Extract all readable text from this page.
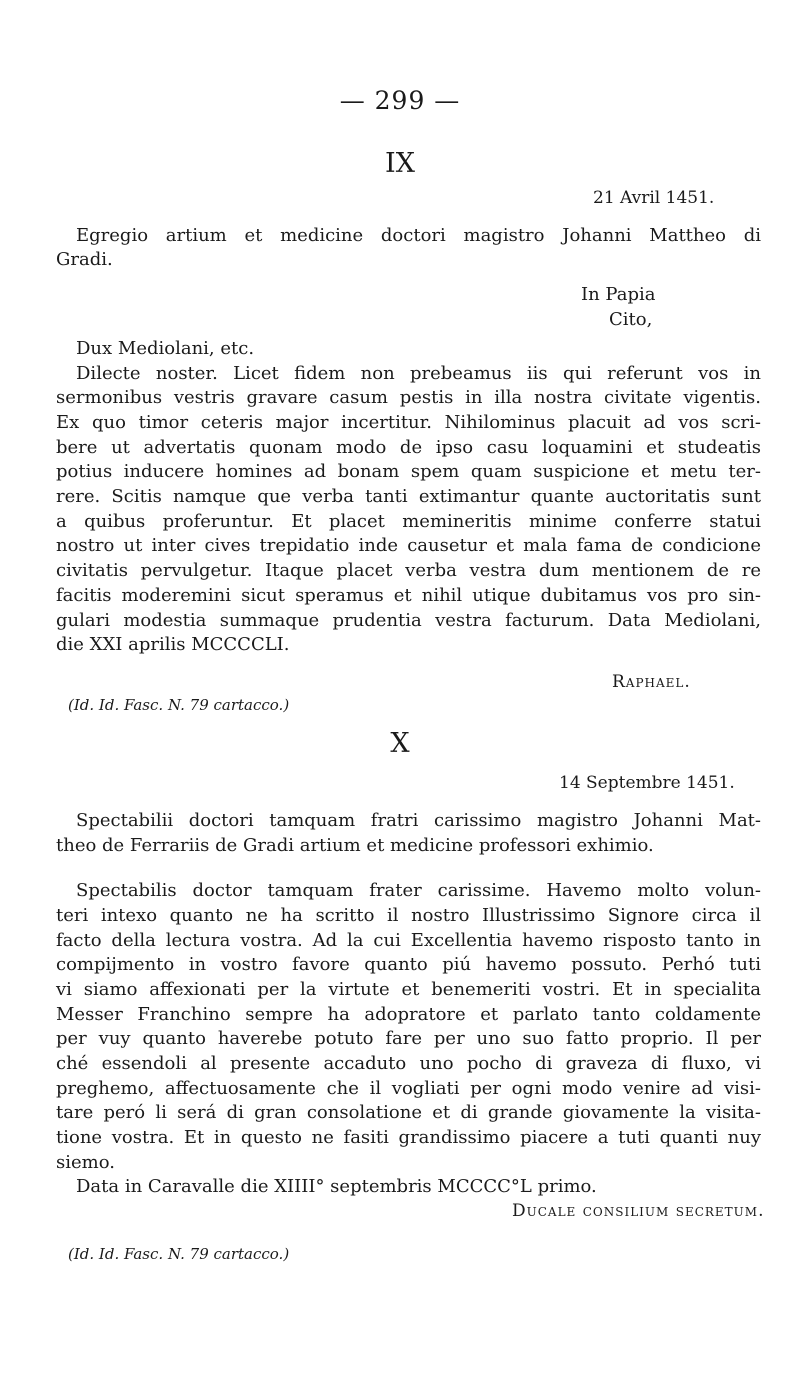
— 299 —
IX
21 Avril 1451.
Egregio artium et medicine doctori magistro Johanni Mattheo di
Gradi.
In Papia
Cito,
Dux Mediolani, etc.
Dilecte noster. Licet fidem non prebeamus iis qui referunt vos in
sermonibus vestris gravare casum pestis in illa nostra civitate vigentis.
Ex quo timor ceteris major incertitur. Nihilominus placuit ad vos scri-
bere ut advertatis quonam modo de ipso casu loquamini et studeatis
potius inducere homines ad bonam spem quam suspicione et metu ter-
rere. Scitis namque que verba tanti extimantur quante auctoritatis sunt
a quibus proferuntur. Et placet memineritis minime conferre statui
nostro ut inter cives trepidatio inde causetur et mala fama de condicione
civitatis pervulgetur. Itaque placet verba vestra dum mentionem de re
facitis moderemini sicut speramus et nihil utique dubitamus vos pro sin-
gulari modestia summaque prudentia vestra facturum. Data Mediolani,
die XXI aprilis MCCCCLI.
Raphael.
(Id. Id. Fasc. N. 79 cartacco.)
X
14 Septembre 1451.
Spectabilii doctori tamquam fratri carissimo magistro Johanni Mat-
theo de Ferrariis de Gradi artium et medicine professori exhimio.
Spectabilis doctor tamquam frater carissime. Havemo molto volun-
teri intexo quanto ne ha scritto il nostro Illustrissimo Signore circa il
facto della lectura vostra. Ad la cui Excellentia havemo risposto tanto in
compijmento in vostro favore quanto piú havemo possuto. Perhó tuti
vi siamo affexionati per la virtute et benemeriti vostri. Et in specialita
Messer Franchino sempre ha adopratore et parlato tanto coldamente
per vuy quanto haverebe potuto fare per uno suo fatto proprio. Il per
ché essendoli al presente accaduto uno pocho di graveza di fluxo, vi
preghemo, affectuosamente che il vogliati per ogni modo venire ad visi-
tare peró li será di gran consolatione et di grande giovamente la visita-
tione vostra. Et in questo ne fasiti grandissimo piacere a tuti quanti nuy
siemo.
Data in Caravalle die XIIII° septembris MCCCC°L primo.
Ducale consilium secretum.
(Id. Id. Fasc. N. 79 cartacco.)
